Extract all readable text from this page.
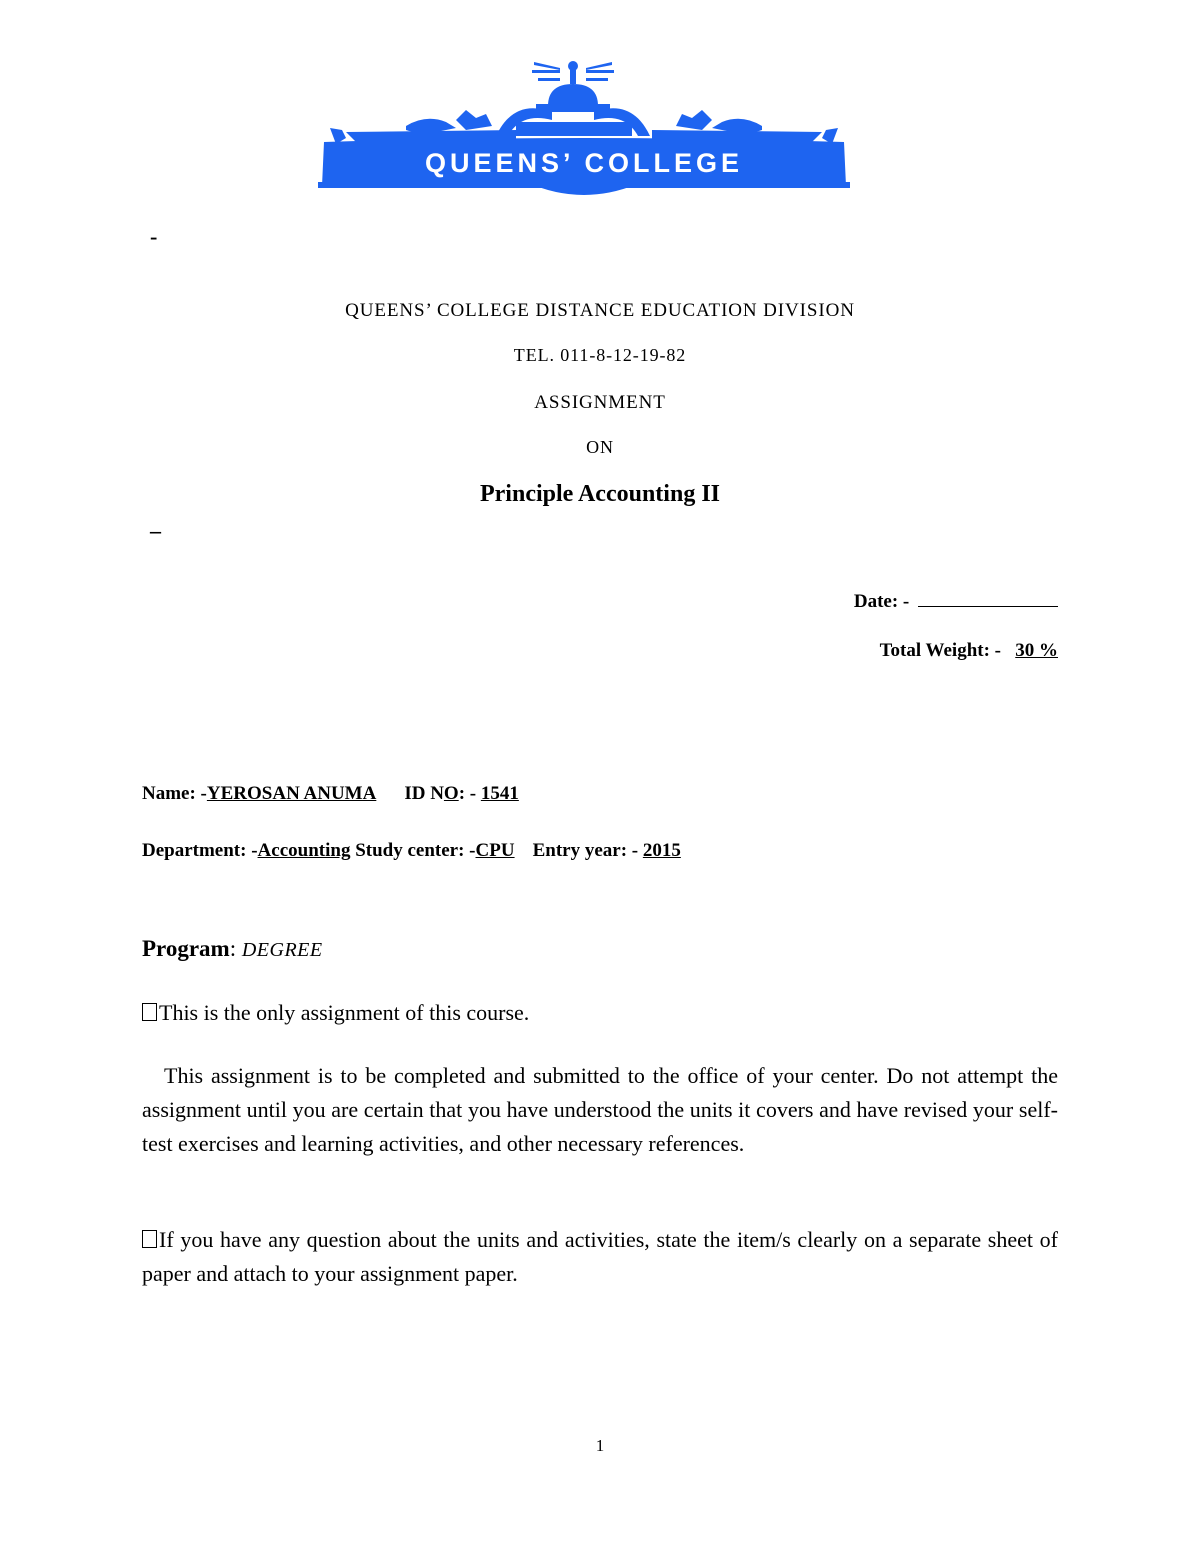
QUEENS’ COLLEGE
-
QUEENS’ COLLEGE DISTANCE EDUCATION DIVISION
TEL. 011-8-12-19-82
ASSIGNMENT
ON
Principle Accounting II
–
Date: -
Total Weight: -   30 %
Name: -YEROSAN ANUMA ID NO: - 1541
Department: -Accounting Study center: -CPU Entry year: - 2015
Program: DEGREE

This is the only assignment of this course.

This assignment is to be completed and submitted to the office of your center. Do not attempt the assignment until you are certain that you have understood the units it covers and have revised your self-test exercises and learning activities, and other necessary references.

If you have any question about the units and activities, state the item/s clearly on a separate sheet of paper and attach to your assignment paper.

1
